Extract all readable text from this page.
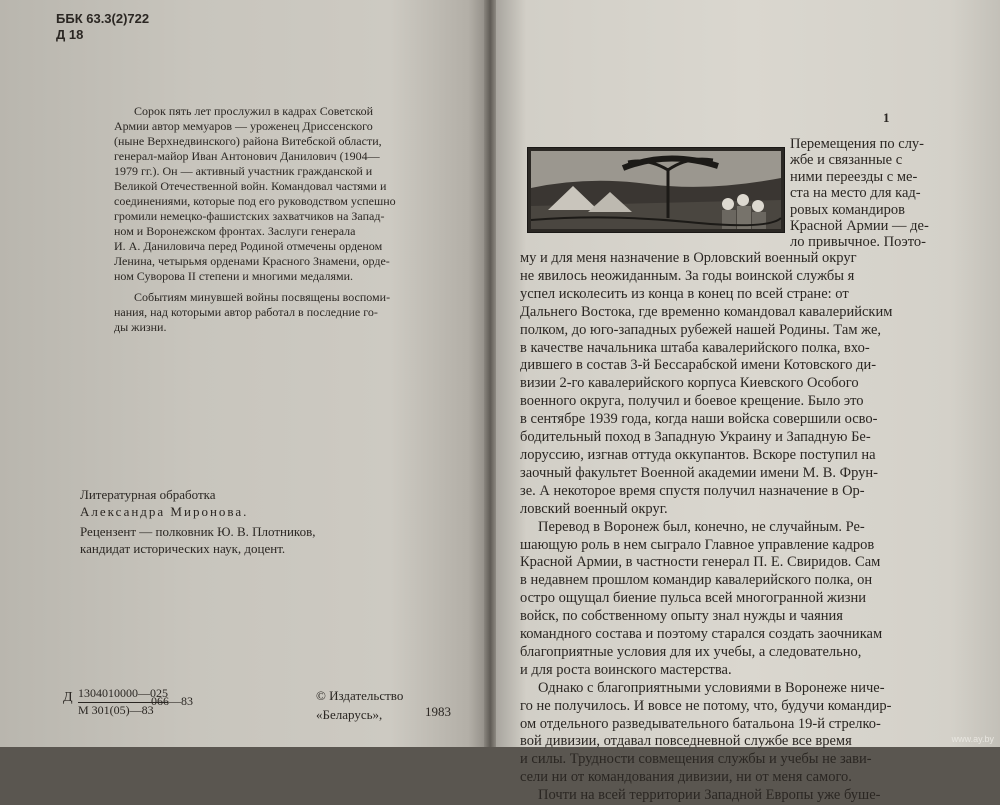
ББК 63.3(2)722
Д 18
Сорок пять лет прослужил в кадрах Советской
Армии автор мемуаров — уроженец Дриссенского
(ныне Верхнедвинского) района Витебской области,
генерал-майор Иван Антонович Данилович (1904—
1979 гг.). Он — активный участник гражданской и
Великой Отечественной войн. Командовал частями и
соединениями, которые под его руководством успешно
громили немецко-фашистских захватчиков на Запад-
ном и Воронежском фронтах. Заслуги генерала
И. А. Даниловича перед Родиной отмечены орденом
Ленина, четырьмя орденами Красного Знамени, орде-
ном Суворова II степени и многими медалями.
Событиям минувшей войны посвящены воспоми-
нания, над которыми автор работал в последние го-
ды жизни.
Литературная обработка
Александра Миронова.
Рецензент — полковник Ю. В. Плотников,
кандидат исторических наук, доцент.
Д 1304010000—025
М 301(05)—83
066—83	© Издательство
«Беларусь»,	1983
1
Перемещения по слу-
жбе и связанные с
ними переезды с ме-
ста на место для кад-
ровых командиров
Красной Армии — де-
ло привычное. Поэто-
му и для меня назначение в Орловский военный округ
не явилось неожиданным. За годы воинской службы я
успел исколесить из конца в конец по всей стране: от
Дальнего Востока, где временно командовал кавалерийским
полком, до юго-западных рубежей нашей Родины. Там же,
в качестве начальника штаба кавалерийского полка, вхо-
дившего в состав 3-й Бессарабской имени Котовского ди-
визии 2-го кавалерийского корпуса Киевского Особого
военного округа, получил и боевое крещение. Было это
в сентябре 1939 года, когда наши войска совершили осво-
бодительный поход в Западную Украину и Западную Бе-
лоруссию, изгнав оттуда оккупантов. Вскоре поступил на
заочный факультет Военной академии имени М. В. Фрун-
зе. А некоторое время спустя получил назначение в Ор-
ловский военный округ.
Перевод в Воронеж был, конечно, не случайным. Ре-
шающую роль в нем сыграло Главное управление кадров
Красной Армии, в частности генерал П. Е. Свиридов. Сам
в недавнем прошлом командир кавалерийского полка, он
остро ощущал биение пульса всей многогранной жизни
войск, по собственному опыту знал нужды и чаяния
командного состава и поэтому старался создать заочникам
благоприятные условия для их учебы, а следовательно,
и для роста воинского мастерства.
Однако с благоприятными условиями в Воронеже ниче-
го не получилось. И вовсе не потому, что, будучи командир-
ом отдельного разведывательного батальона 19-й стрелко-
вой дивизии, отдавал повседневной службе все время
и силы. Трудности совмещения службы и учебы не зави-
сели ни от командования дивизии, ни от меня самого.
Почти на всей территории Западной Европы уже буше-
www.ay.by
